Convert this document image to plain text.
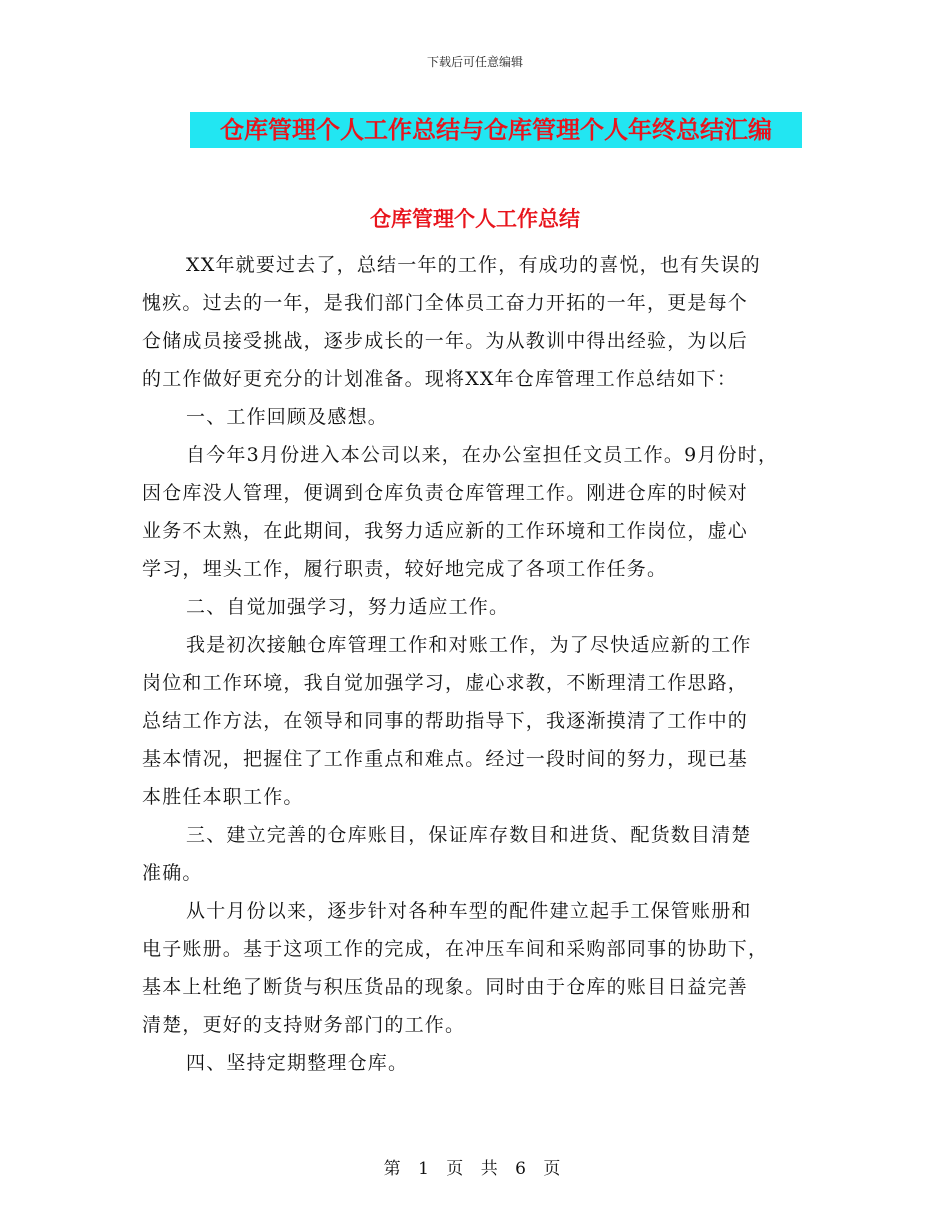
下载后可任意编辑
仓库管理个人工作总结与仓库管理个人年终总结汇编
仓库管理个人工作总结
XX年就要过去了，总结一年的工作，有成功的喜悦，也有失误的
愧疚。过去的一年，是我们部门全体员工奋力开拓的一年，更是每个
仓储成员接受挑战，逐步成长的一年。为从教训中得出经验，为以后
的工作做好更充分的计划准备。现将XX年仓库管理工作总结如下：
一、工作回顾及感想。
自今年3月份进入本公司以来，在办公室担任文员工作。9月份时，
因仓库没人管理，便调到仓库负责仓库管理工作。刚进仓库的时候对
业务不太熟，在此期间，我努力适应新的工作环境和工作岗位，虚心
学习，埋头工作，履行职责，较好地完成了各项工作任务。
二、自觉加强学习，努力适应工作。
我是初次接触仓库管理工作和对账工作，为了尽快适应新的工作
岗位和工作环境，我自觉加强学习，虚心求教，不断理清工作思路，
总结工作方法，在领导和同事的帮助指导下，我逐渐摸清了工作中的
基本情况，把握住了工作重点和难点。经过一段时间的努力，现已基
本胜任本职工作。
三、建立完善的仓库账目，保证库存数目和进货、配货数目清楚
准确。
从十月份以来，逐步针对各种车型的配件建立起手工保管账册和
电子账册。基于这项工作的完成，在冲压车间和采购部同事的协助下，
基本上杜绝了断货与积压货品的现象。同时由于仓库的账目日益完善
清楚，更好的支持财务部门的工作。
四、坚持定期整理仓库。
第 1 页 共 6 页
